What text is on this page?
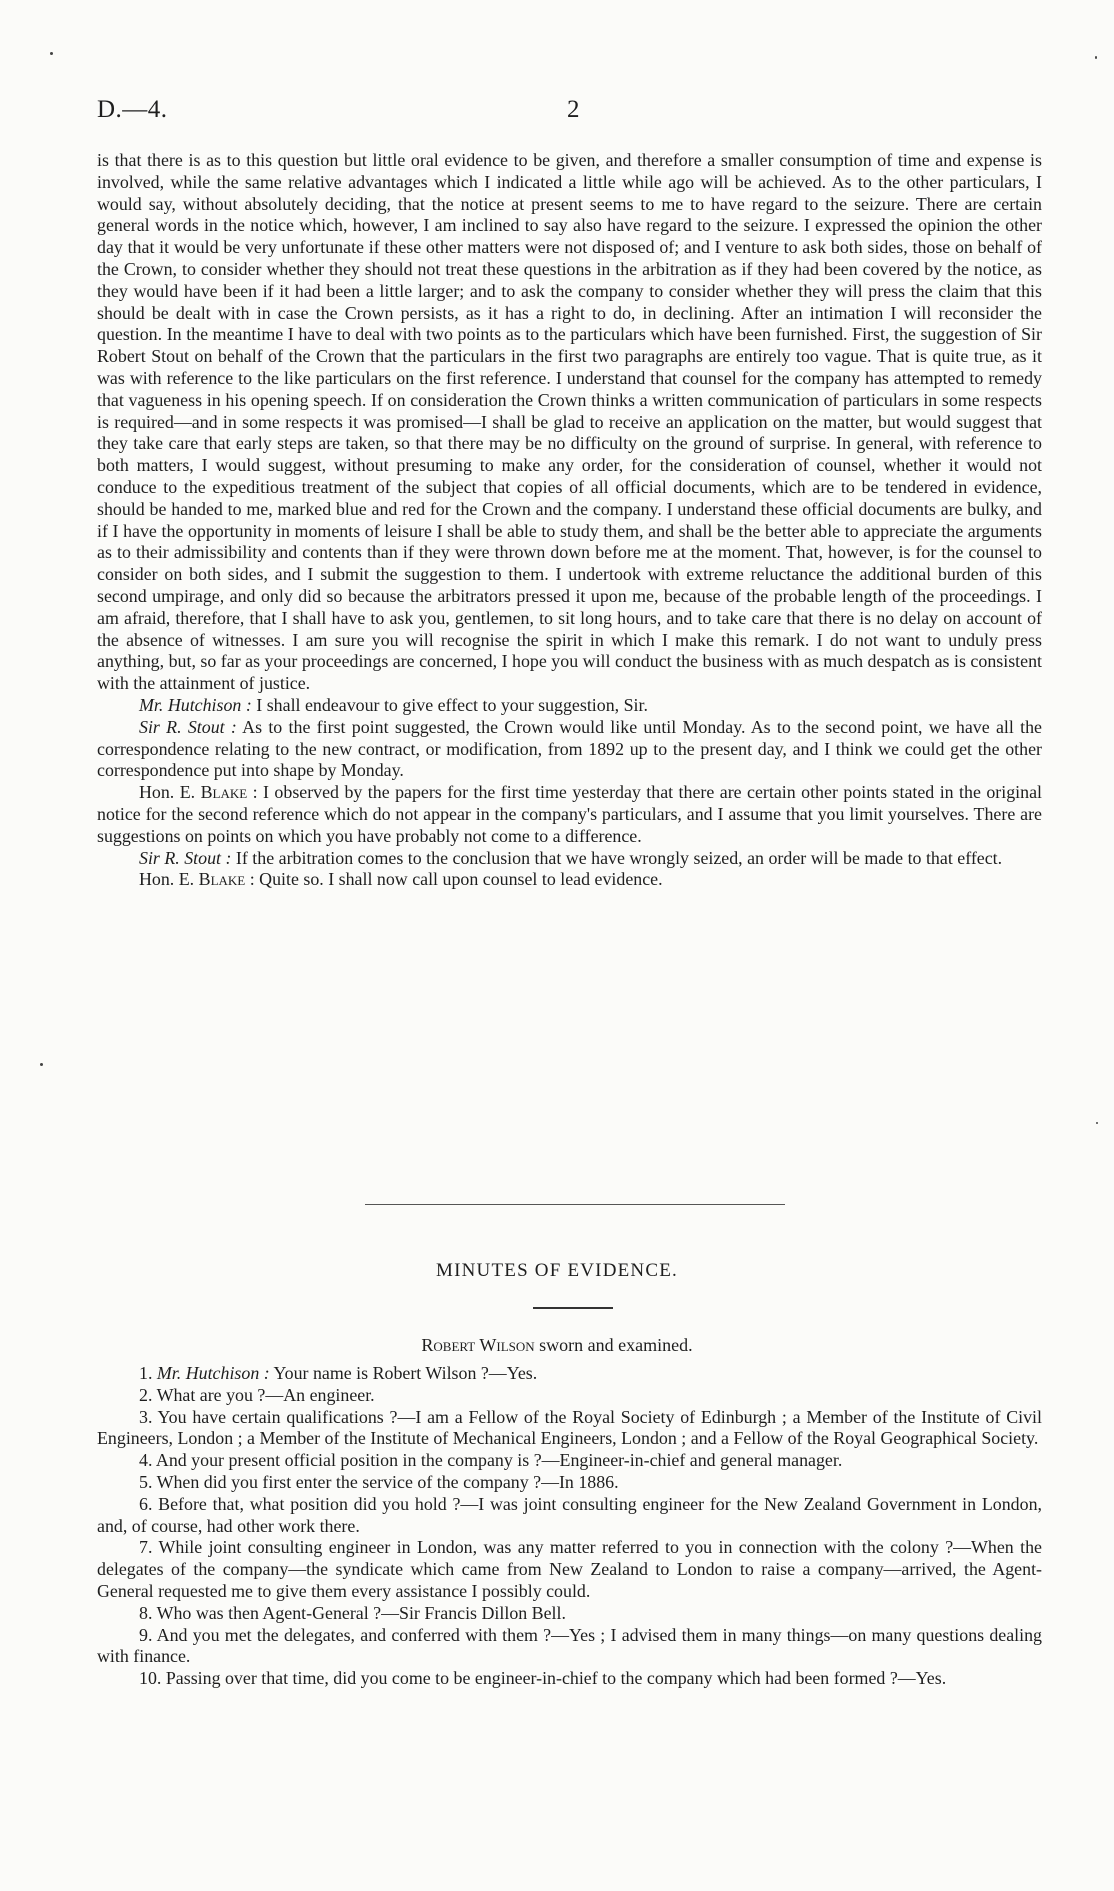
D.—4.	2

is that there is as to this question but little oral evidence to be given, and therefore a smaller consumption of time and expense is involved, while the same relative advantages which I indicated a little while ago will be achieved. As to the other particulars, I would say, without absolutely deciding, that the notice at present seems to me to have regard to the seizure. There are certain general words in the notice which, however, I am inclined to say also have regard to the seizure. I expressed the opinion the other day that it would be very unfortunate if these other matters were not disposed of; and I venture to ask both sides, those on behalf of the Crown, to consider whether they should not treat these questions in the arbitration as if they had been covered by the notice, as they would have been if it had been a little larger; and to ask the company to consider whether they will press the claim that this should be dealt with in case the Crown persists, as it has a right to do, in declining. After an intimation I will reconsider the question. In the meantime I have to deal with two points as to the particulars which have been furnished. First, the suggestion of Sir Robert Stout on behalf of the Crown that the particulars in the first two paragraphs are entirely too vague. That is quite true, as it was with reference to the like particulars on the first reference. I understand that counsel for the company has attempted to remedy that vagueness in his opening speech. If on consideration the Crown thinks a written communication of particulars in some respects is required—and in some respects it was promised—I shall be glad to receive an application on the matter, but would suggest that they take care that early steps are taken, so that there may be no difficulty on the ground of surprise. In general, with reference to both matters, I would suggest, without presuming to make any order, for the consideration of counsel, whether it would not conduce to the expeditious treatment of the subject that copies of all official documents, which are to be tendered in evidence, should be handed to me, marked blue and red for the Crown and the company. I understand these official documents are bulky, and if I have the opportunity in moments of leisure I shall be able to study them, and shall be the better able to appreciate the arguments as to their admissibility and contents than if they were thrown down before me at the moment. That, however, is for the counsel to consider on both sides, and I submit the suggestion to them. I undertook with extreme reluctance the additional burden of this second umpirage, and only did so because the arbitrators pressed it upon me, because of the probable length of the proceedings. I am afraid, therefore, that I shall have to ask you, gentlemen, to sit long hours, and to take care that there is no delay on account of the absence of witnesses. I am sure you will recognise the spirit in which I make this remark. I do not want to unduly press anything, but, so far as your proceedings are concerned, I hope you will conduct the business with as much despatch as is consistent with the attainment of justice.

Mr. Hutchison : I shall endeavour to give effect to your suggestion, Sir.

Sir R. Stout : As to the first point suggested, the Crown would like until Monday. As to the second point, we have all the correspondence relating to the new contract, or modification, from 1892 up to the present day, and I think we could get the other correspondence put into shape by Monday.

Hon. E. Blake : I observed by the papers for the first time yesterday that there are certain other points stated in the original notice for the second reference which do not appear in the company's particulars, and I assume that you limit yourselves. There are suggestions on points on which you have probably not come to a difference.

Sir R. Stout : If the arbitration comes to the conclusion that we have wrongly seized, an order will be made to that effect.

Hon. E. Blake : Quite so. I shall now call upon counsel to lead evidence.

MINUTES OF EVIDENCE.
Robert Wilson sworn and examined.

1. Mr. Hutchison : Your name is Robert Wilson ?—Yes.

2. What are you ?—An engineer.

3. You have certain qualifications ?—I am a Fellow of the Royal Society of Edinburgh ; a Member of the Institute of Civil Engineers, London ; a Member of the Institute of Mechanical Engineers, London ; and a Fellow of the Royal Geographical Society.

4. And your present official position in the company is ?—Engineer-in-chief and general manager.

5. When did you first enter the service of the company ?—In 1886.

6. Before that, what position did you hold ?—I was joint consulting engineer for the New Zealand Government in London, and, of course, had other work there.

7. While joint consulting engineer in London, was any matter referred to you in connection with the colony ?—When the delegates of the company—the syndicate which came from New Zealand to London to raise a company—arrived, the Agent-General requested me to give them every assistance I possibly could.

8. Who was then Agent-General ?—Sir Francis Dillon Bell.

9. And you met the delegates, and conferred with them ?—Yes ; I advised them in many things—on many questions dealing with finance.

10. Passing over that time, did you come to be engineer-in-chief to the company which had been formed ?—Yes.
